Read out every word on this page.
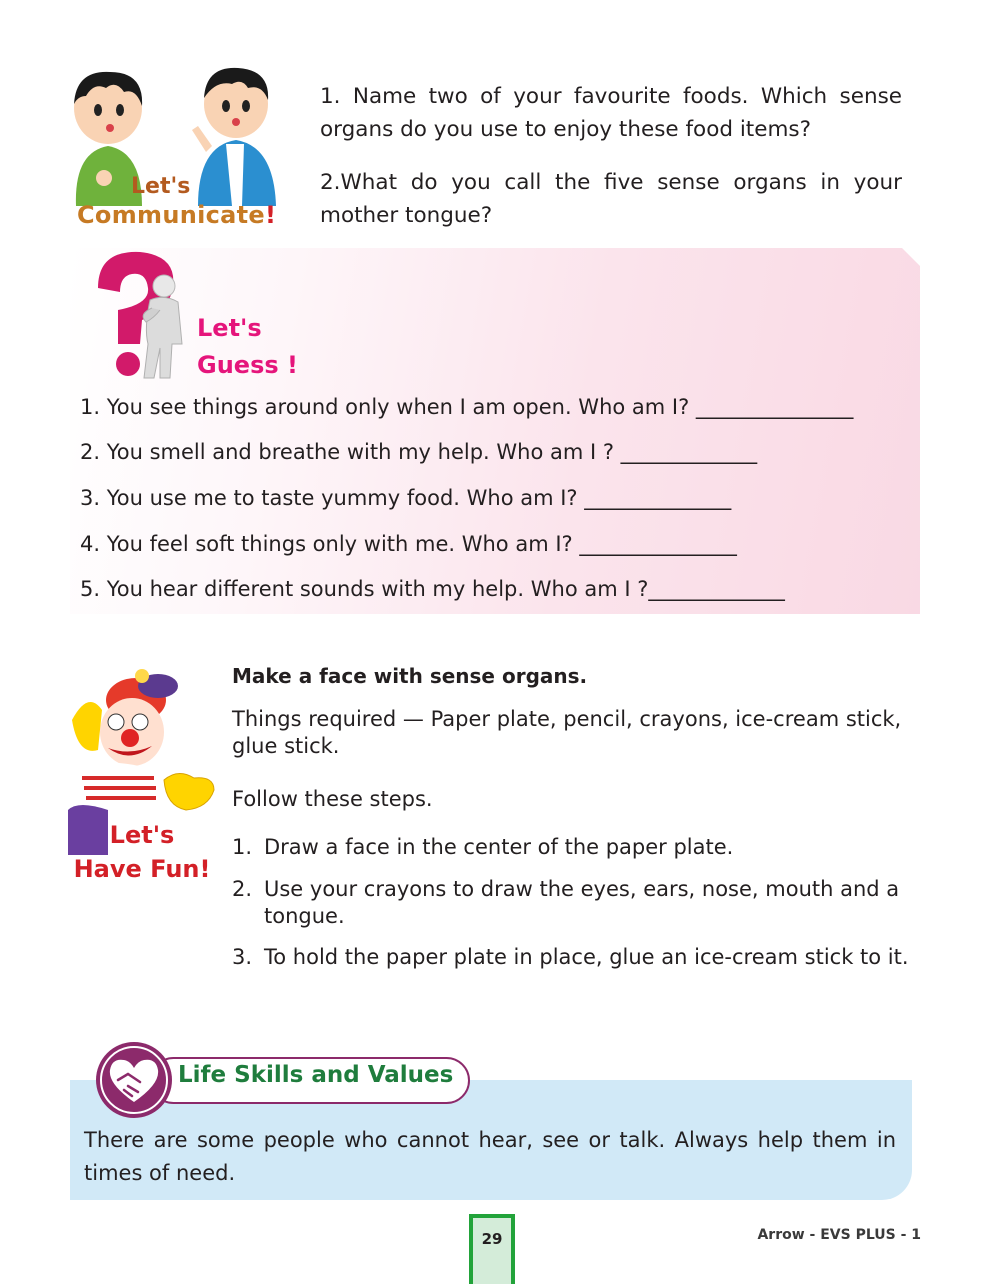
Let's
Communicate!
1. Name two of your favourite foods. Which sense organs do you use to enjoy these food items?
2.What do you call the five sense organs in your mother tongue?
Let's
Guess !
1. You see things around only when I am open. Who am I? _______________
2. You smell and breathe with my help. Who am I ? _____________
3. You use me to taste yummy food. Who am I? ______________
4. You feel soft things only with me. Who am I? _______________
5. You hear different sounds with my help. Who am I ?_____________
Let's
Have Fun!
Make a face with sense organs.
Things required — Paper plate, pencil, crayons, ice-cream stick, glue stick.
Follow these steps.
1. Draw a face in the center of the paper plate.
2. Use your crayons to draw the eyes, ears, nose, mouth and a tongue.
3. To hold the paper plate in place, glue an ice-cream stick to it.
Life Skills and Values
There are some people who cannot hear, see or talk. Always help them in times of need.
29	Arrow - EVS PLUS - 1
